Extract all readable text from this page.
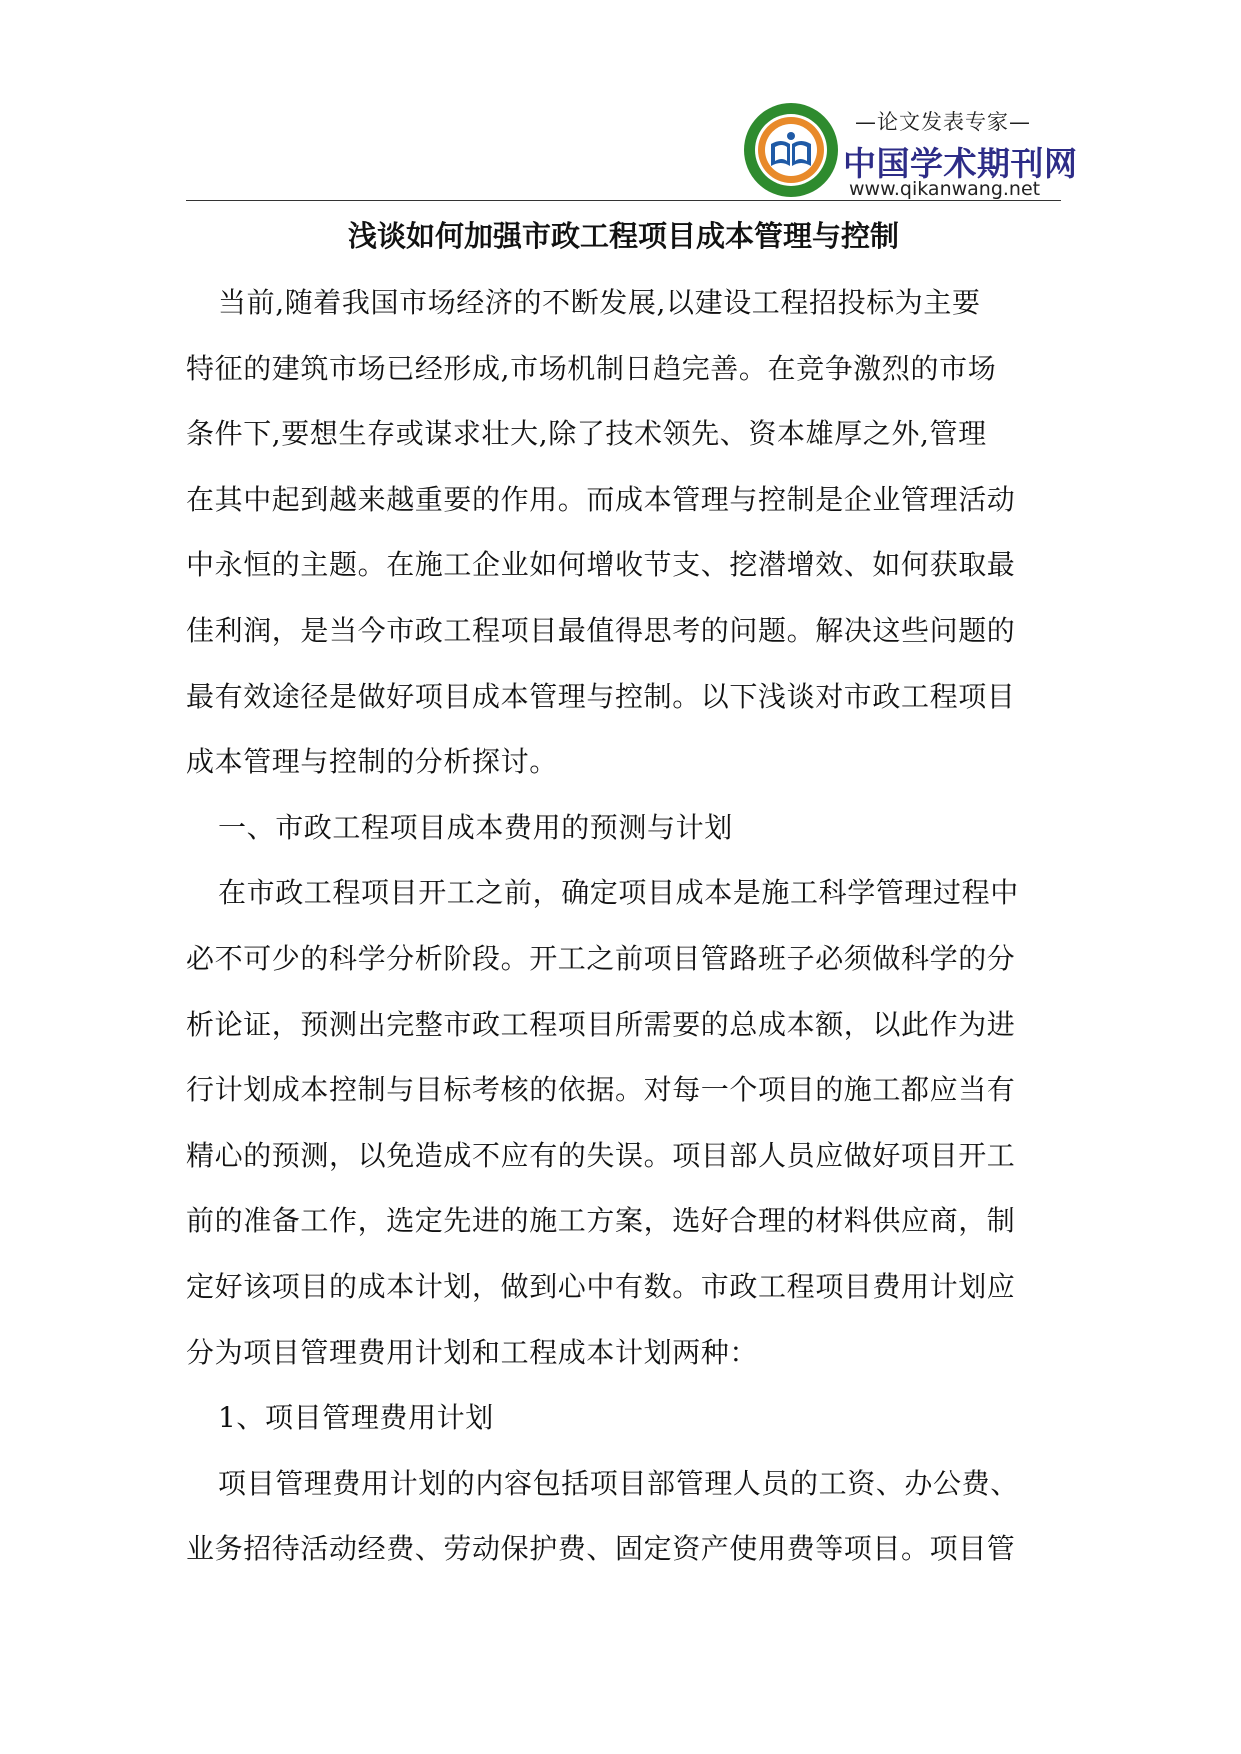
—论文发表专家—
中国学术期刊网
www.qikanwang.net
浅谈如何加强市政工程项目成本管理与控制
当前,随着我国市场经济的不断发展,以建设工程招投标为主要
特征的建筑市场已经形成,市场机制日趋完善。在竞争激烈的市场
条件下,要想生存或谋求壮大,除了技术领先、资本雄厚之外,管理
在其中起到越来越重要的作用。而成本管理与控制是企业管理活动
中永恒的主题。在施工企业如何增收节支、挖潜增效、如何获取最
佳利润，是当今市政工程项目最值得思考的问题。解决这些问题的
最有效途径是做好项目成本管理与控制。以下浅谈对市政工程项目
成本管理与控制的分析探讨。
一、市政工程项目成本费用的预测与计划
在市政工程项目开工之前，确定项目成本是施工科学管理过程中
必不可少的科学分析阶段。开工之前项目管路班子必须做科学的分
析论证，预测出完整市政工程项目所需要的总成本额，以此作为进
行计划成本控制与目标考核的依据。对每一个项目的施工都应当有
精心的预测，以免造成不应有的失误。项目部人员应做好项目开工
前的准备工作，选定先进的施工方案，选好合理的材料供应商，制
定好该项目的成本计划，做到心中有数。市政工程项目费用计划应
分为项目管理费用计划和工程成本计划两种：
1、项目管理费用计划
项目管理费用计划的内容包括项目部管理人员的工资、办公费、
业务招待活动经费、劳动保护费、固定资产使用费等项目。项目管
